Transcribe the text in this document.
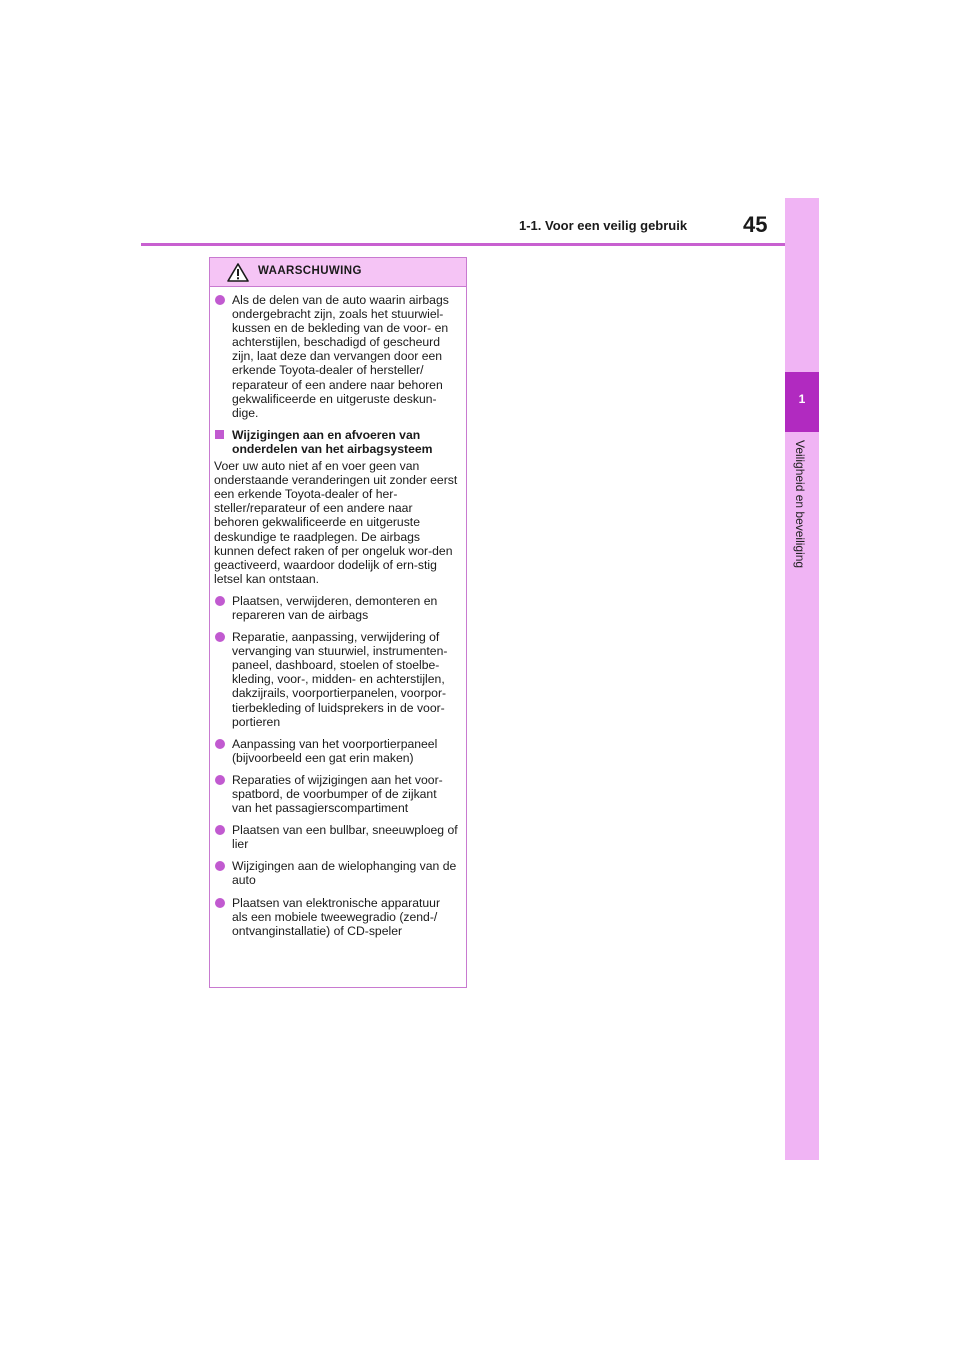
1
Veiligheid en beveiliging
1-1. Voor een veilig gebruik	45
WAARSCHUWING
Als de delen van de auto waarin airbags ondergebracht zijn, zoals het stuurwiel-kussen en de bekleding van de voor- en achterstijlen, beschadigd of gescheurd zijn, laat deze dan vervangen door een erkende Toyota-dealer of hersteller/ reparateur of een andere naar behoren gekwalificeerde en uitgeruste deskun-dige.
Wijzigingen aan en afvoeren van onderdelen van het airbagsysteem
Voer uw auto niet af en voer geen van onderstaande veranderingen uit zonder eerst een erkende Toyota-dealer of her-steller/reparateur of een andere naar behoren gekwalificeerde en uitgeruste deskundige te raadplegen. De airbags kunnen defect raken of per ongeluk wor-den geactiveerd, waardoor dodelijk of ern-stig letsel kan ontstaan.
Plaatsen, verwijderen, demonteren en repareren van de airbags
Reparatie, aanpassing, verwijdering of vervanging van stuurwiel, instrumenten-paneel, dashboard, stoelen of stoelbe-kleding, voor-, midden- en achterstijlen, dakzijrails, voorportierpanelen, voorpor-tierbekleding of luidsprekers in de voor-portieren
Aanpassing van het voorportierpaneel (bijvoorbeeld een gat erin maken)
Reparaties of wijzigingen aan het voor-spatbord, de voorbumper of de zijkant van het passagierscompartiment
Plaatsen van een bullbar, sneeuwploeg of lier
Wijzigingen aan de wielophanging van de auto
Plaatsen van elektronische apparatuur als een mobiele tweewegradio (zend-/ ontvanginstallatie) of CD-speler
